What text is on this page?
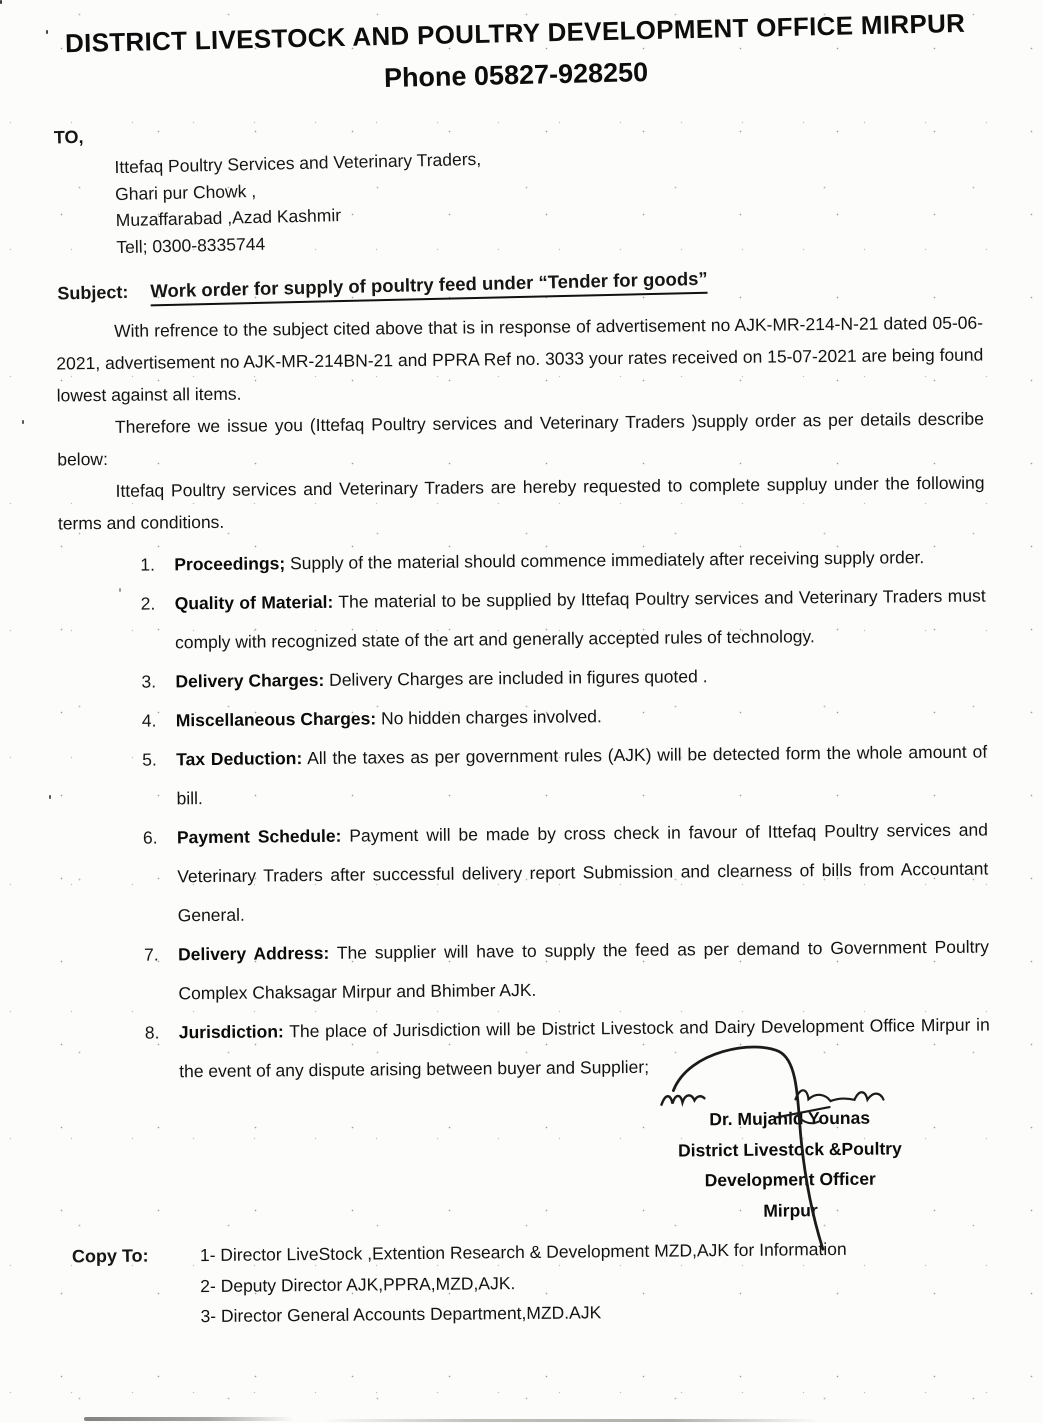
DISTRICT LIVESTOCK AND POULTRY DEVELOPMENT OFFICE MIRPUR
Phone 05827-928250
TO,
Ittefaq Poultry Services and Veterinary Traders,
Ghari pur Chowk ,
Muzaffarabad ,Azad Kashmir
Tell; 0300-8335744
Subject: Work order for supply of poultry feed under “Tender for goods”

With refrence to the subject cited above that is in response of advertisement no AJK-MR-214-N-21 dated 05-06-2021, advertisement no AJK-MR-214BN-21 and PPRA Ref no. 3033 your rates received on 15-07-2021 are being found lowest against all items.

Therefore we issue you (Ittefaq Poultry services and Veterinary Traders )supply order as per details describe below:

Ittefaq Poultry services and Veterinary Traders are hereby requested to complete suppluy under the following terms and conditions.

1.	Proceedings; Supply of the material should commence immediately after receiving supply order.
2.	Quality of Material: The material to be supplied by Ittefaq Poultry services and Veterinary Traders must comply with recognized state of the art and generally accepted rules of technology.
3.	Delivery Charges: Delivery Charges are included in figures quoted .
4.	Miscellaneous Charges: No hidden charges involved.
5.	Tax Deduction: All the taxes as per government rules (AJK) will be detected form the whole amount of bill.
6.	Payment Schedule: Payment will be made by cross check in favour of Ittefaq Poultry services and Veterinary Traders after successful delivery report Submission and clearness of bills from Accountant General.
7.	Delivery Address: The supplier will have to supply the feed as per demand to Government Poultry Complex Chaksagar Mirpur and Bhimber AJK.
8.	Jurisdiction: The place of Jurisdiction will be District Livestock and Dairy Development Office Mirpur in the event of any dispute arising between buyer and Supplier;
Dr. Mujahid Younas
District Livestock &Poultry
Development Officer
Mirpur
Copy To:	1- Director LiveStock ,Extention Research & Development MZD,AJK for Information
2- Deputy Director AJK,PPRA,MZD,AJK.
3- Director General Accounts Department,MZD.AJK
